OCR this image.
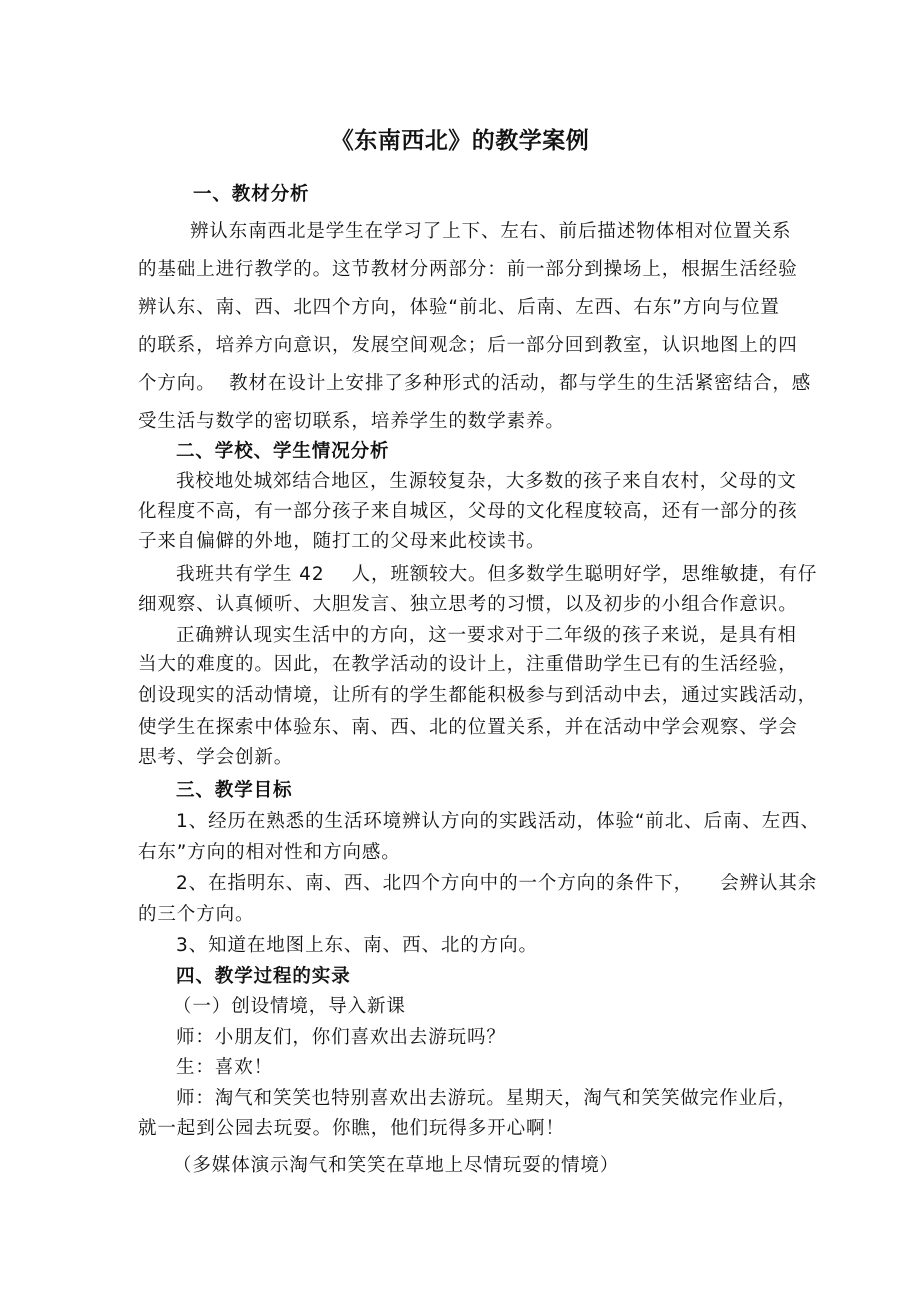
《东南西北》的教学案例
一、教材分析
辨认东南西北是学生在学习了上下、左右、前后描述物体相对位置关系
的基础上进行教学的。这节教材分两部分：前一部分到操场上，根据生活经验
辨认东、南、西、北四个方向，体验“前北、后南、左西、右东”方向与位置
的联系，培养方向意识，发展空间观念；后一部分回到教室，认识地图上的四
个方向。  教材在设计上安排了多种形式的活动，都与学生的生活紧密结合，感
受生活与数学的密切联系，培养学生的数学素养。
二、学校、学生情况分析
我校地处城郊结合地区，生源较复杂，大多数的孩子来自农村，父母的文
化程度不高，有一部分孩子来自城区，父母的文化程度较高，还有一部分的孩
子来自偏僻的外地，随打工的父母来此校读书。
我班共有学生 42    人，班额较大。但多数学生聪明好学，思维敏捷，有仔
细观察、认真倾听、大胆发言、独立思考的习惯，以及初步的小组合作意识。
正确辨认现实生活中的方向，这一要求对于二年级的孩子来说，是具有相
当大的难度的。因此，在教学活动的设计上，注重借助学生已有的生活经验，
创设现实的活动情境，让所有的学生都能积极参与到活动中去，通过实践活动，
使学生在探索中体验东、南、西、北的位置关系，并在活动中学会观察、学会
思考、学会创新。
三、教学目标
1、经历在熟悉的生活环境辨认方向的实践活动，体验“前北、后南、左西、
右东”方向的相对性和方向感。
2、在指明东、南、西、北四个方向中的一个方向的条件下，    会辨认其余
的三个方向。
3、知道在地图上东、南、西、北的方向。
四、教学过程的实录
（一）创设情境，导入新课
师：小朋友们，你们喜欢出去游玩吗？
生：喜欢！
师：淘气和笑笑也特别喜欢出去游玩。星期天，淘气和笑笑做完作业后，
就一起到公园去玩耍。你瞧，他们玩得多开心啊！
（多媒体演示淘气和笑笑在草地上尽情玩耍的情境）
